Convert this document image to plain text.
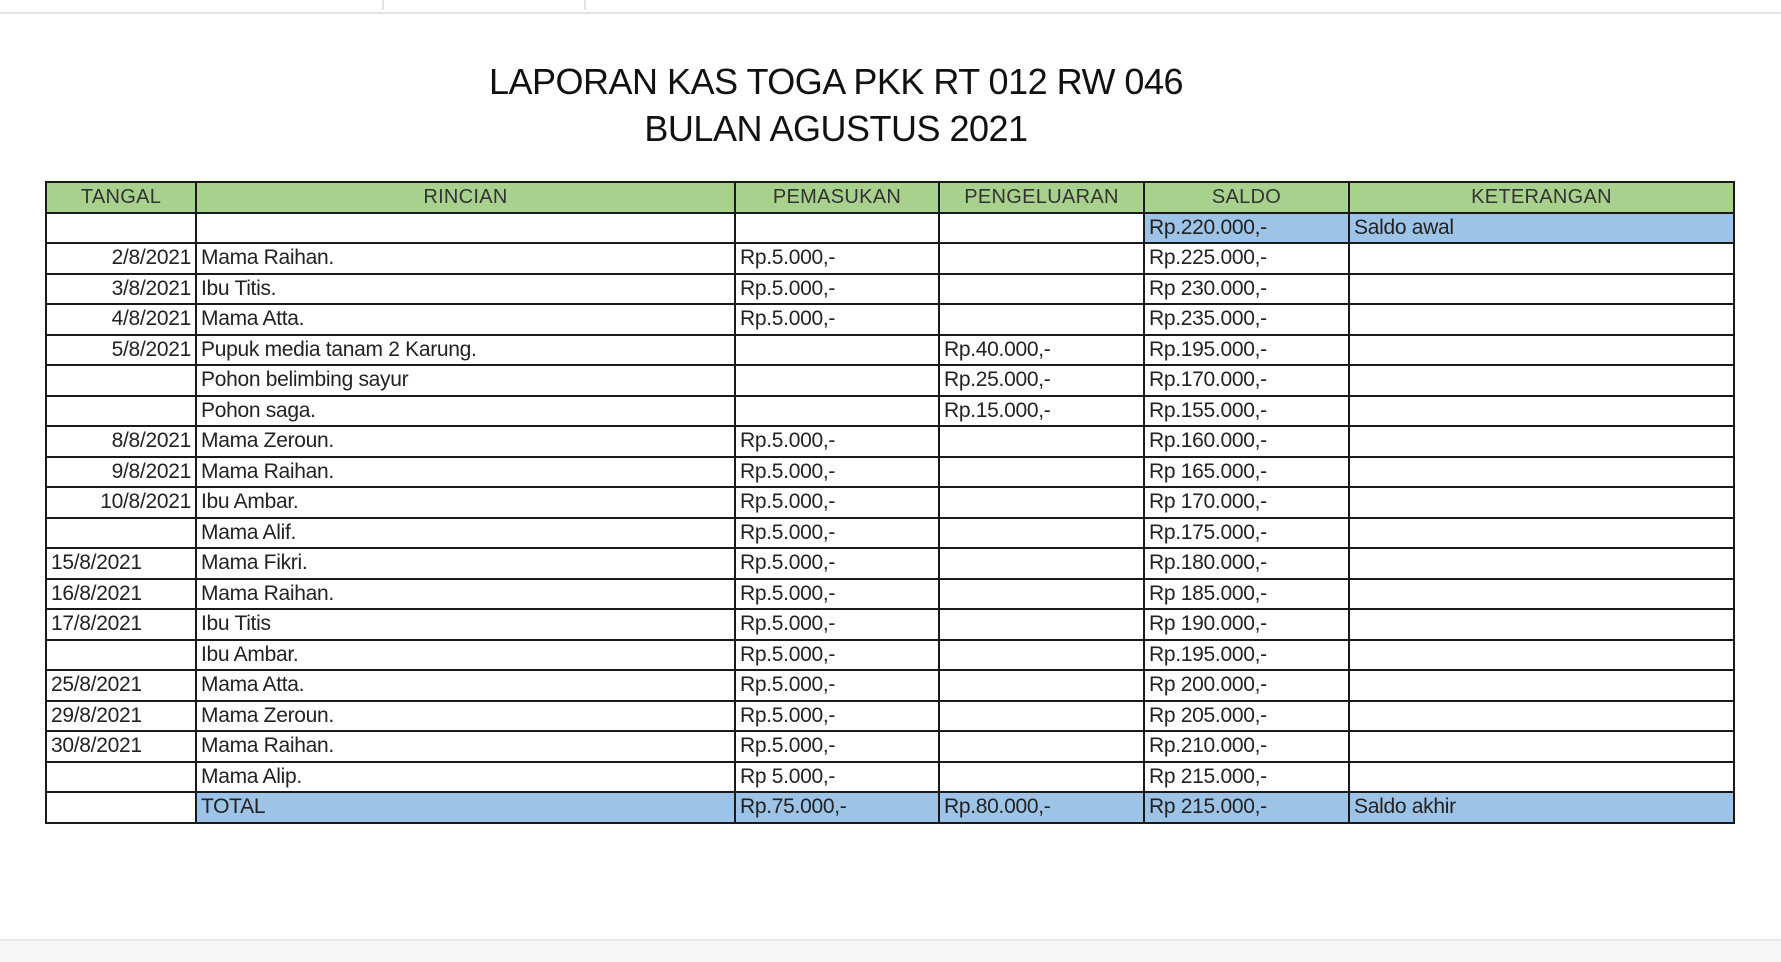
LAPORAN KAS TOGA PKK RT 012 RW 046
BULAN AGUSTUS 2021
TANGAL	RINCIAN	PEMASUKAN	PENGELUARAN	SALDO	KETERANGAN
				Rp.220.000,-	Saldo awal
2/8/2021	Mama Raihan.	Rp.5.000,-		Rp.225.000,-	
3/8/2021	Ibu Titis.	Rp.5.000,-		Rp 230.000,-	
4/8/2021	Mama Atta.	Rp.5.000,-		Rp.235.000,-	
5/8/2021	Pupuk media tanam 2 Karung.		Rp.40.000,-	Rp.195.000,-	
	Pohon belimbing sayur		Rp.25.000,-	Rp.170.000,-	
	Pohon saga.		Rp.15.000,-	Rp.155.000,-	
8/8/2021	Mama Zeroun.	Rp.5.000,-		Rp.160.000,-	
9/8/2021	Mama Raihan.	Rp.5.000,-		Rp 165.000,-	
10/8/2021	Ibu Ambar.	Rp.5.000,-		Rp 170.000,-	
	Mama Alif.	Rp.5.000,-		Rp.175.000,-	
15/8/2021	Mama Fikri.	Rp.5.000,-		Rp.180.000,-	
16/8/2021	Mama Raihan.	Rp.5.000,-		Rp 185.000,-	
17/8/2021	Ibu Titis	Rp.5.000,-		Rp 190.000,-	
	Ibu Ambar.	Rp.5.000,-		Rp.195.000,-	
25/8/2021	Mama Atta.	Rp.5.000,-		Rp 200.000,-	
29/8/2021	Mama Zeroun.	Rp.5.000,-		Rp 205.000,-	
30/8/2021	Mama Raihan.	Rp.5.000,-		Rp.210.000,-	
	Mama Alip.	Rp 5.000,-		Rp 215.000,-	
	TOTAL	Rp.75.000,-	Rp.80.000,-	Rp 215.000,-	Saldo akhir
